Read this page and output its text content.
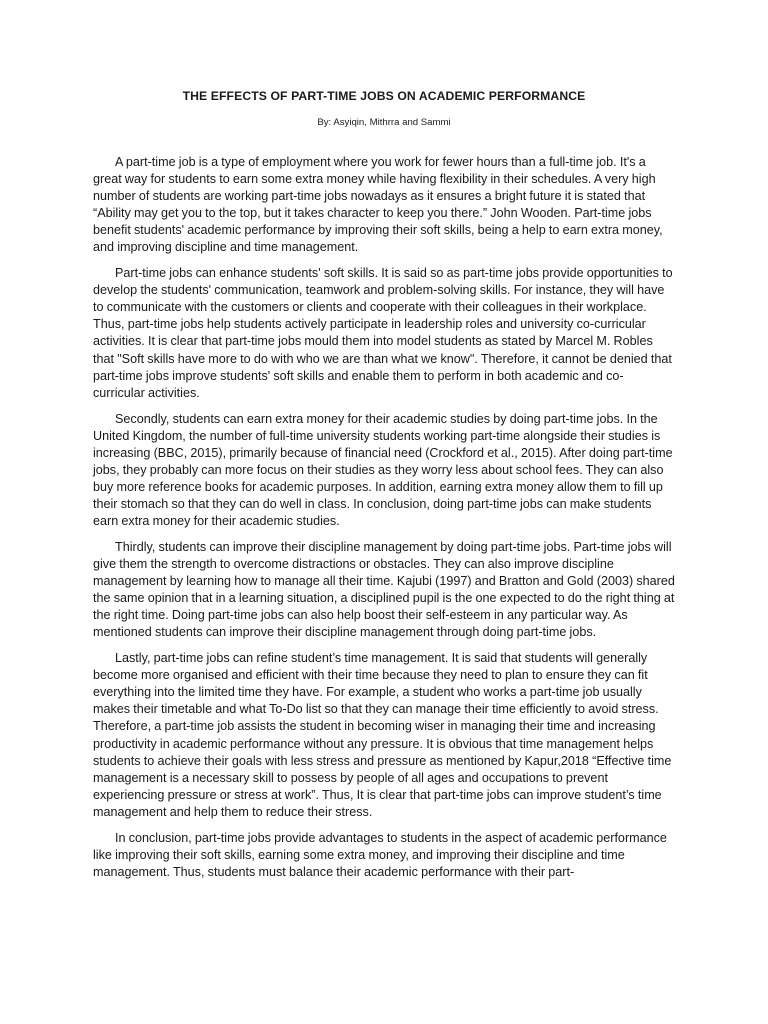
THE EFFECTS OF PART-TIME JOBS ON ACADEMIC PERFORMANCE
By: Asyiqin, Mithrra and Sammi

A part-time job is a type of employment where you work for fewer hours than a full-time job. It's a great way for students to earn some extra money while having flexibility in their schedules. A very high number of students are working part-time jobs nowadays as it ensures a bright future it is stated that “Ability may get you to the top, but it takes character to keep you there.” John Wooden. Part-time jobs benefit students' academic performance by improving their soft skills, being a help to earn extra money, and improving discipline and time management.

Part-time jobs can enhance students' soft skills. It is said so as part-time jobs provide opportunities to develop the students' communication, teamwork and problem-solving skills. For instance, they will have to communicate with the customers or clients and cooperate with their colleagues in their workplace. Thus, part-time jobs help students actively participate in leadership roles and university co-curricular activities. It is clear that part-time jobs mould them into model students as stated by Marcel M. Robles that "Soft skills have more to do with who we are than what we know". Therefore, it cannot be denied that part-time jobs improve students' soft skills and enable them to perform in both academic and co-curricular activities.

Secondly, students can earn extra money for their academic studies by doing part-time jobs. In the United Kingdom, the number of full-time university students working part-time alongside their studies is increasing (BBC, 2015), primarily because of financial need (Crockford et al., 2015). After doing part-time jobs, they probably can more focus on their studies as they worry less about school fees. They can also buy more reference books for academic purposes. In addition, earning extra money allow them to fill up their stomach so that they can do well in class. In conclusion, doing part-time jobs can make students earn extra money for their academic studies.

Thirdly, students can improve their discipline management by doing part-time jobs. Part-time jobs will give them the strength to overcome distractions or obstacles. They can also improve discipline management by learning how to manage all their time. Kajubi (1997) and Bratton and Gold (2003) shared the same opinion that in a learning situation, a disciplined pupil is the one expected to do the right thing at the right time. Doing part-time jobs can also help boost their self-esteem in any particular way. As mentioned students can improve their discipline management through doing part-time jobs.

Lastly, part-time jobs can refine student’s time management. It is said that students will generally become more organised and efficient with their time because they need to plan to ensure they can fit everything into the limited time they have. For example, a student who works a part-time job usually makes their timetable and what To-Do list so that they can manage their time efficiently to avoid stress. Therefore, a part-time job assists the student in becoming wiser in managing their time and increasing productivity in academic performance without any pressure. It is obvious that time management helps students to achieve their goals with less stress and pressure as mentioned by Kapur,2018 “Effective time management is a necessary skill to possess by people of all ages and occupations to prevent experiencing pressure or stress at work”. Thus, It is clear that part-time jobs can improve student’s time management and help them to reduce their stress.

In conclusion, part-time jobs provide advantages to students in the aspect of academic performance like improving their soft skills, earning some extra money, and improving their discipline and time management. Thus, students must balance their academic performance with their part-
